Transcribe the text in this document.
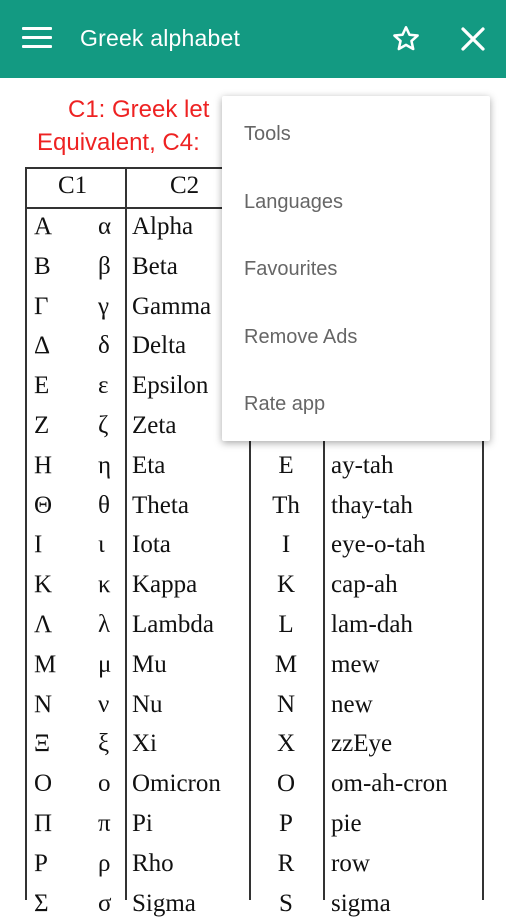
Greek alphabet
C1: Greek let
Equivalent, C4:
C1	C2
Α α Alpha
Β β Beta
Γ γ Gamma
Δ δ Delta
Ε ε Epsilon
Ζ ζ Zeta
Η η Eta	E	ay-tah
Θ θ Theta	Th	thay-tah
Ι ι Iota	I	eye-o-tah
Κ κ Kappa	K	cap-ah
Λ λ Lambda	L	lam-dah
Μ μ Mu	M	mew
Ν ν Nu	N	new
Ξ ξ Xi	X	zzEye
Ο ο Omicron	O	om-ah-cron
Π π Pi	P	pie
Ρ ρ Rho	R	row
Σ σ Sigma	S	sigma
Tools
Languages
Favourites
Remove Ads
Rate app
